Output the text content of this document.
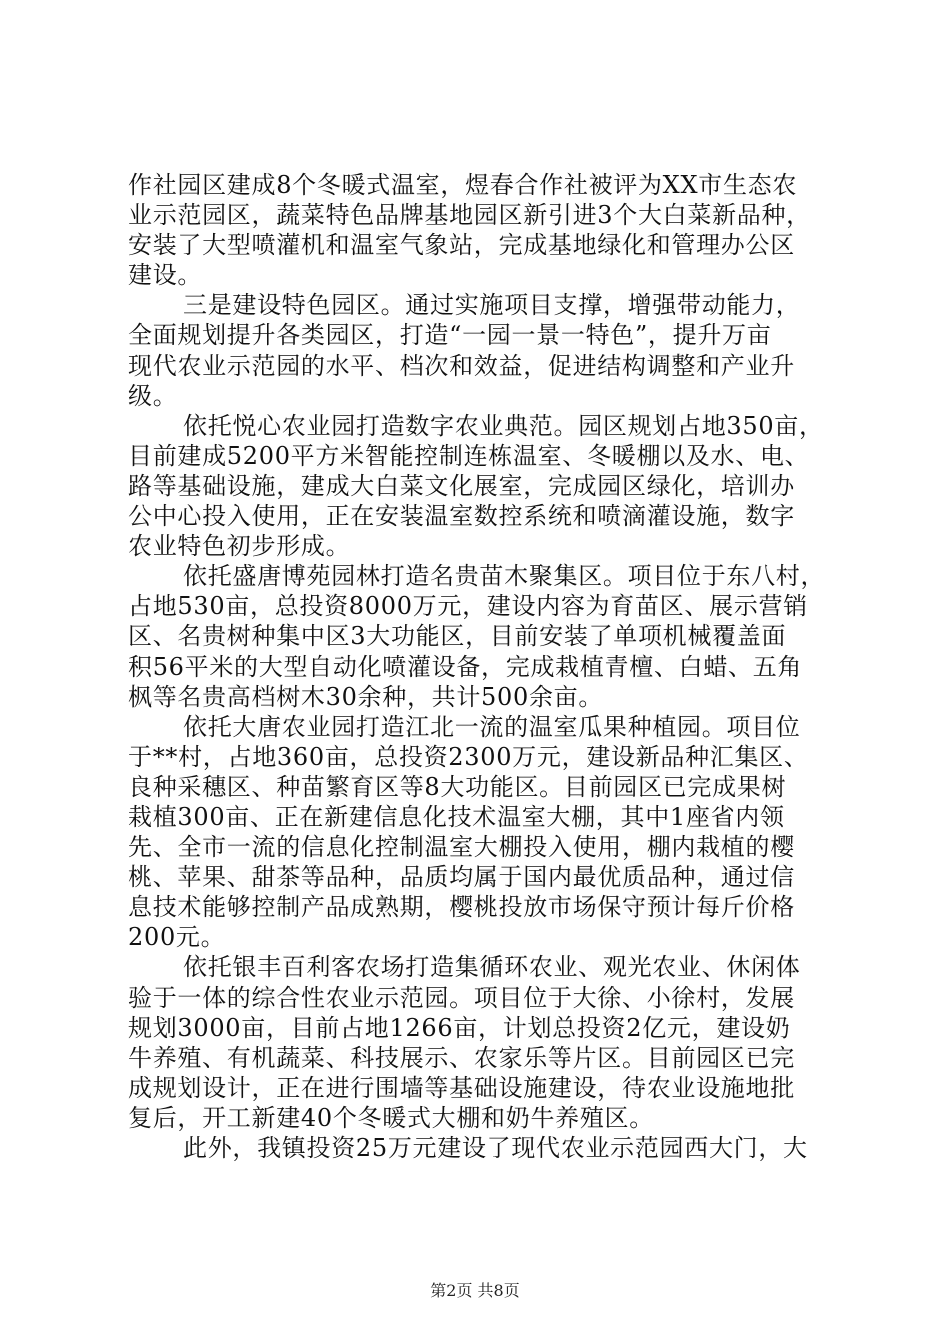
作社园区建成8个冬暖式温室，煜春合作社被评为XX市生态农
业示范园区，蔬菜特色品牌基地园区新引进3个大白菜新品种，
安装了大型喷灌机和温室气象站，完成基地绿化和管理办公区
建设。
三是建设特色园区。通过实施项目支撑，增强带动能力，
全面规划提升各类园区，打造“一园一景一特色”，提升万亩
现代农业示范园的水平、档次和效益，促进结构调整和产业升
级。
依托悦心农业园打造数字农业典范。园区规划占地350亩，
目前建成5200平方米智能控制连栋温室、冬暖棚以及水、电、
路等基础设施，建成大白菜文化展室，完成园区绿化，培训办
公中心投入使用，正在安装温室数控系统和喷滴灌设施，数字
农业特色初步形成。
依托盛唐博苑园林打造名贵苗木聚集区。项目位于东八村，
占地530亩，总投资8000万元，建设内容为育苗区、展示营销
区、名贵树种集中区3大功能区，目前安装了单项机械覆盖面
积56平米的大型自动化喷灌设备，完成栽植青檀、白蜡、五角
枫等名贵高档树木30余种，共计500余亩。
依托大唐农业园打造江北一流的温室瓜果种植园。项目位
于**村，占地360亩，总投资2300万元，建设新品种汇集区、
良种采穗区、种苗繁育区等8大功能区。目前园区已完成果树
栽植300亩、正在新建信息化技术温室大棚，其中1座省内领
先、全市一流的信息化控制温室大棚投入使用，棚内栽植的樱
桃、苹果、甜茶等品种，品质均属于国内最优质品种，通过信
息技术能够控制产品成熟期，樱桃投放市场保守预计每斤价格
200元。
依托银丰百利客农场打造集循环农业、观光农业、休闲体
验于一体的综合性农业示范园。项目位于大徐、小徐村，发展
规划3000亩，目前占地1266亩，计划总投资2亿元，建设奶
牛养殖、有机蔬菜、科技展示、农家乐等片区。目前园区已完
成规划设计，正在进行围墙等基础设施建设，待农业设施地批
复后，开工新建40个冬暖式大棚和奶牛养殖区。
此外，我镇投资25万元建设了现代农业示范园西大门，大
第2页 共8页
